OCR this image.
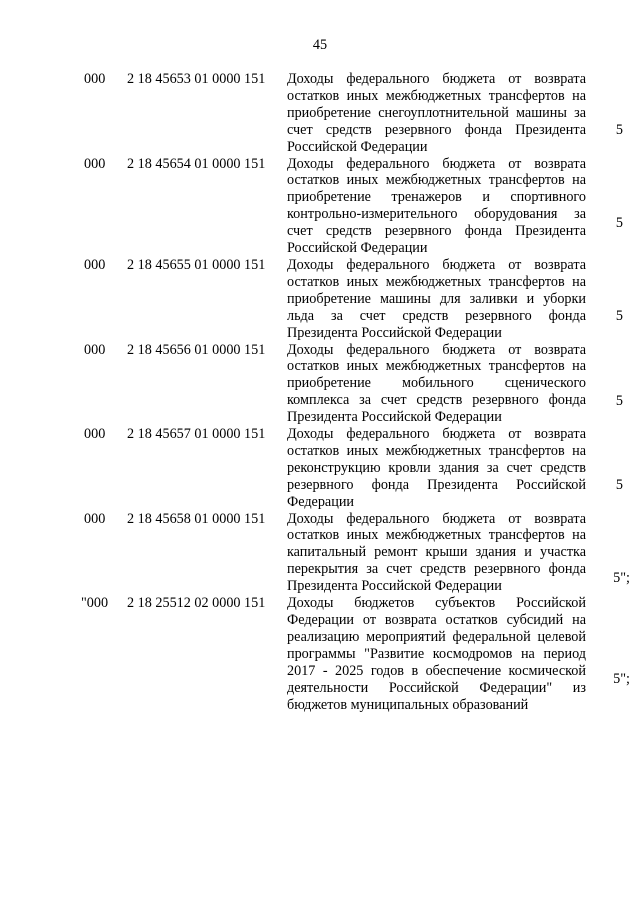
45
000 2 18 45653 01 0000 151 Доходы федерального бюджета от возврата остатков иных межбюджетных трансфертов на приобретение снегоуплотнительной машины за счет средств резервного фонда Президента Российской Федерации
5
000 2 18 45654 01 0000 151 Доходы федерального бюджета от возврата остатков иных межбюджетных трансфертов на приобретение тренажеров и спортивного контрольно-измерительного оборудования за счет средств резервного фонда Президента Российской Федерации
5
000 2 18 45655 01 0000 151 Доходы федерального бюджета от возврата остатков иных межбюджетных трансфертов на приобретение машины для заливки и уборки льда за счет средств резервного фонда Президента Российской Федерации
5
000 2 18 45656 01 0000 151 Доходы федерального бюджета от возврата остатков иных межбюджетных трансфертов на приобретение мобильного сценического комплекса за счет средств резервного фонда Президента Российской Федерации
5
000 2 18 45657 01 0000 151 Доходы федерального бюджета от возврата остатков иных межбюджетных трансфертов на реконструкцию кровли здания за счет средств резервного фонда Президента Российской Федерации
5
000 2 18 45658 01 0000 151 Доходы федерального бюджета от возврата остатков иных межбюджетных трансфертов на капитальный ремонт крыши здания и участка перекрытия за счет средств резервного фонда Президента Российской Федерации
5";
"000 2 18 25512 02 0000 151 Доходы бюджетов субъектов Российской Федерации от возврата остатков субсидий на реализацию мероприятий федеральной целевой программы "Развитие космодромов на период 2017 - 2025 годов в обеспечение космической деятельности Российской Федерации" из бюджетов муниципальных образований
5";
